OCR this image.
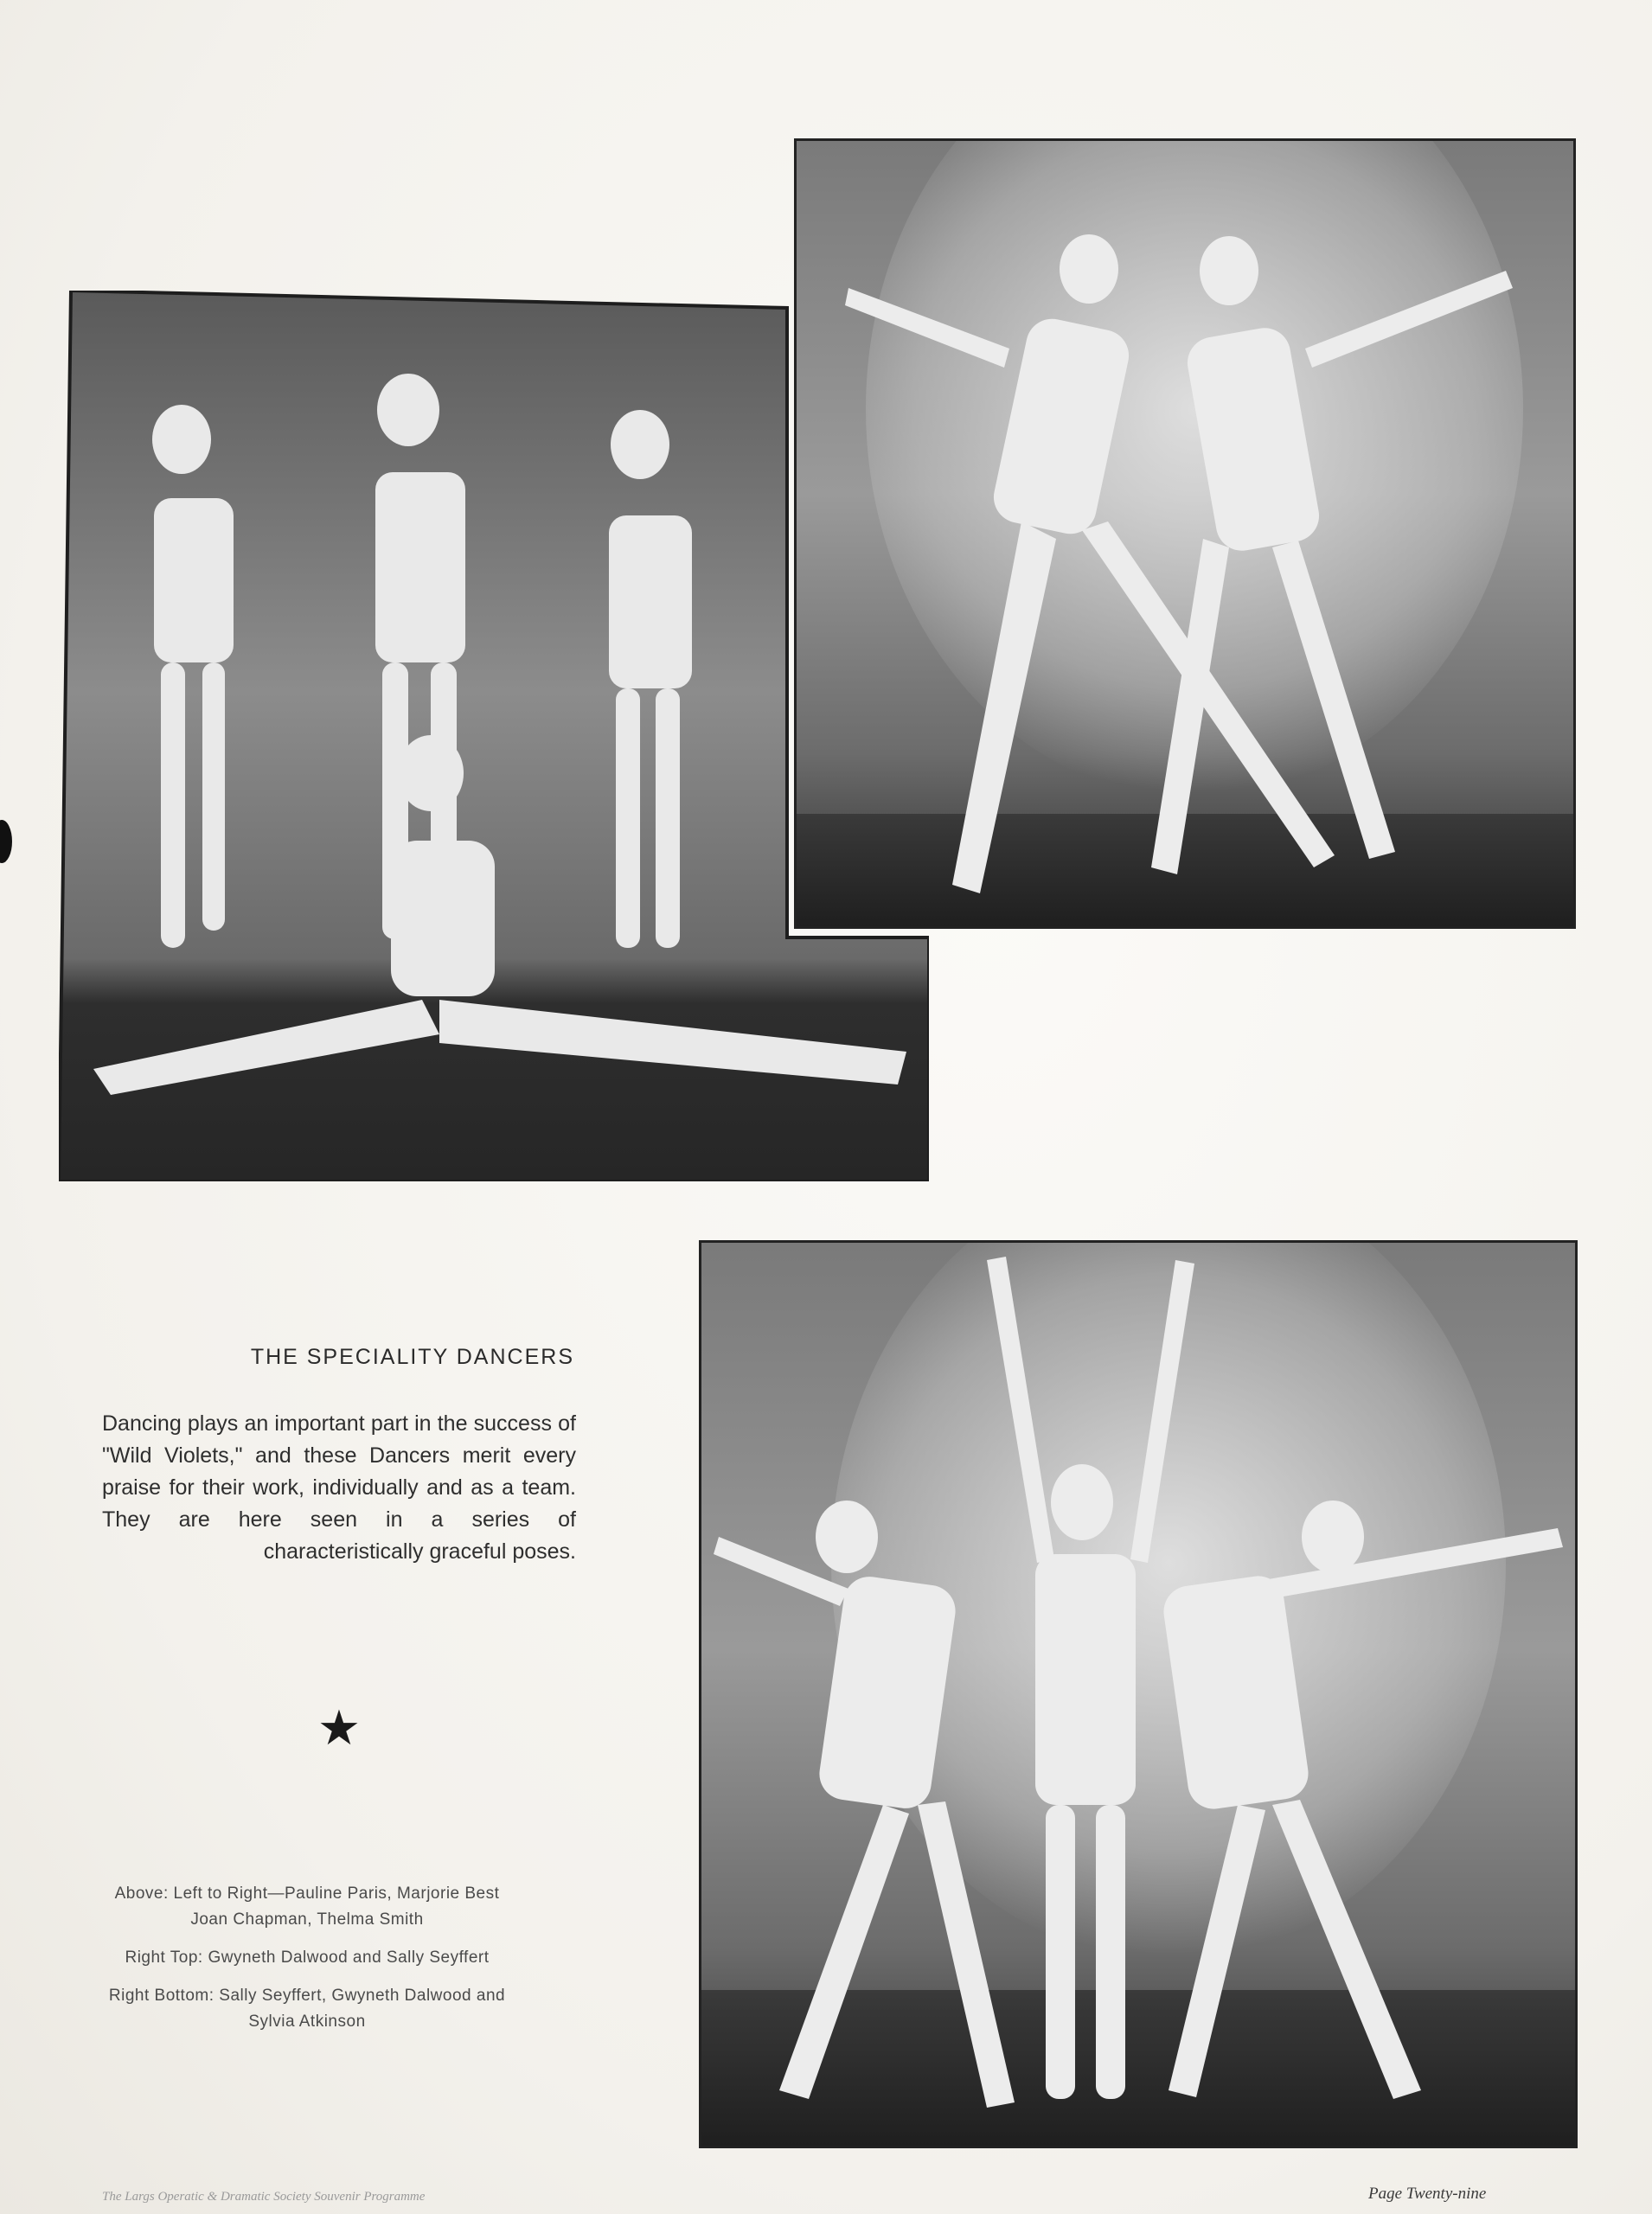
THE SPECIALITY DANCERS
Dancing plays an important part in the success of "Wild Violets," and these Dancers merit every praise for their work, individually and as a team. They are here seen in a series of characteristically graceful poses.
★
Above: Left to Right—Pauline Paris, Marjorie Best
Joan Chapman, Thelma Smith
Right Top: Gwyneth Dalwood and Sally Seyffert
Right Bottom: Sally Seyffert, Gwyneth Dalwood and
Sylvia Atkinson
The Largs Operatic & Dramatic Society Souvenir Programme	Page Twenty-nine
